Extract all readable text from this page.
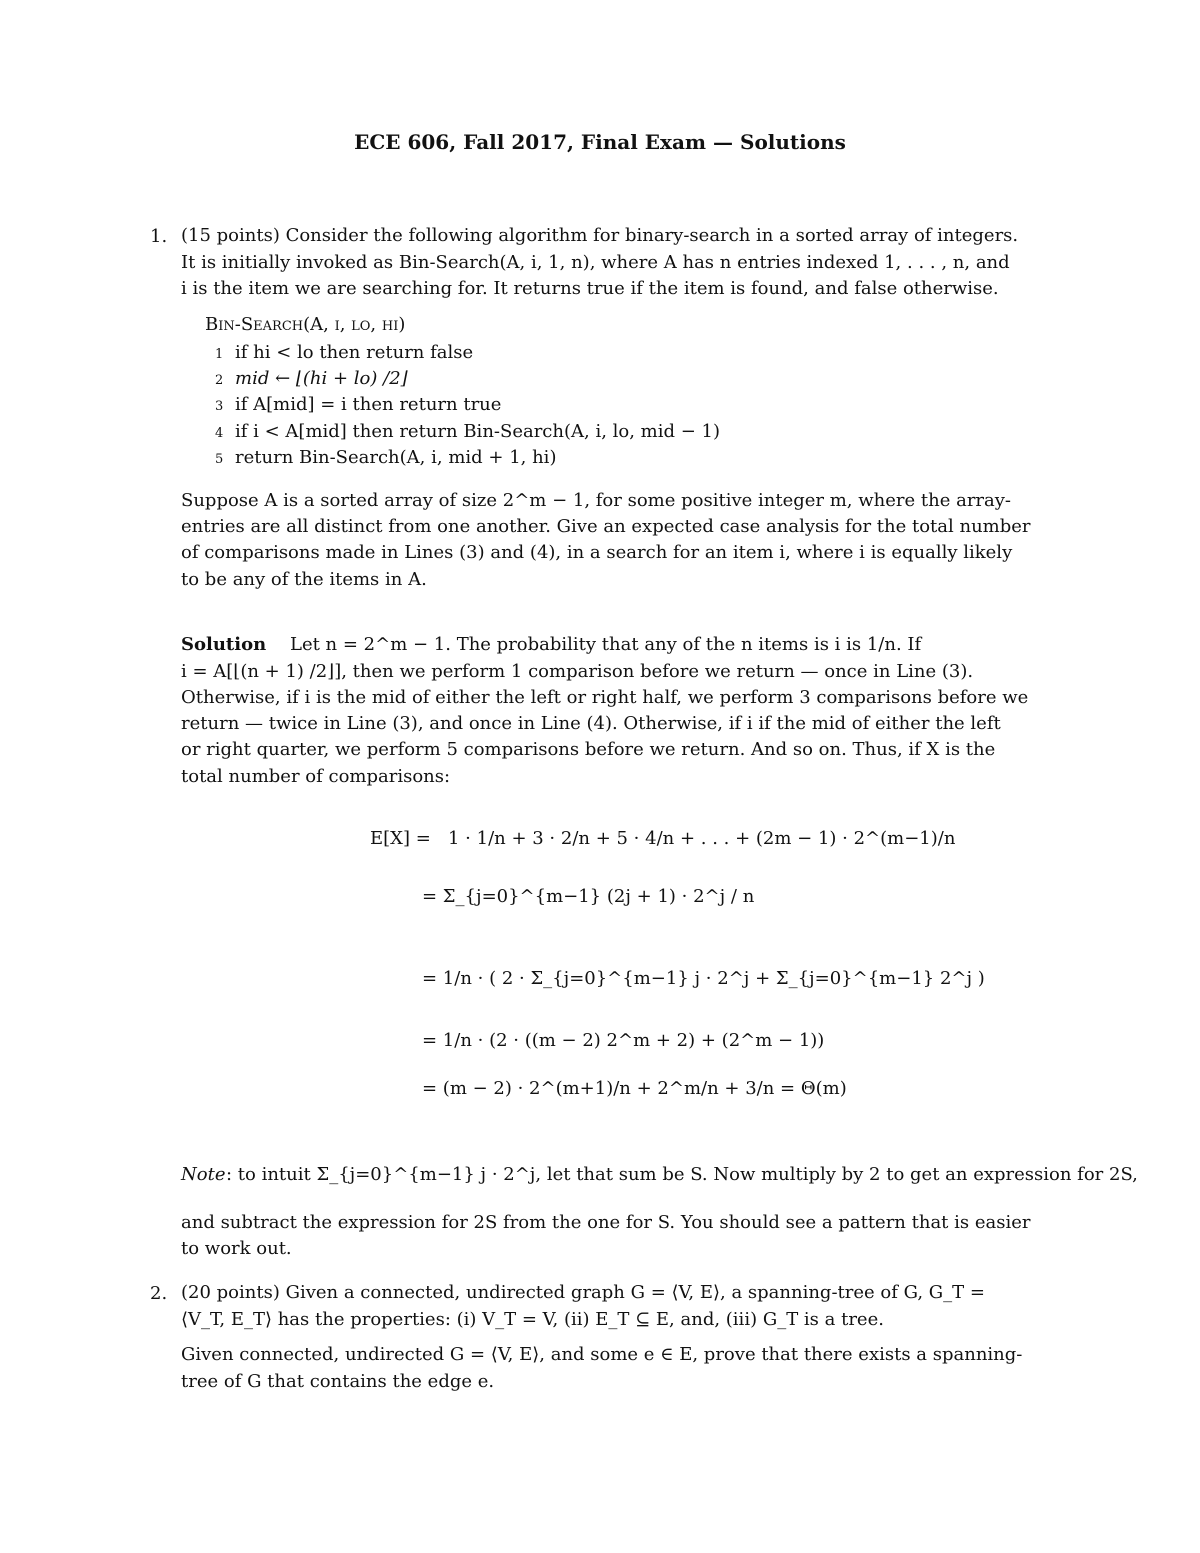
ECE 606, Fall 2017, Final Exam — Solutions
1. (15 points) Consider the following algorithm for binary-search in a sorted array of integers.
It is initially invoked as Bin-Search(A, i, 1, n), where A has n entries indexed 1, . . . , n, and
i is the item we are searching for. It returns true if the item is found, and false otherwise.
Bin-Search(A, i, lo, hi)
1 if hi < lo then return false
2 mid ← ⌊(hi + lo) /2⌋
3 if A[mid] = i then return true
4 if i < A[mid] then return Bin-Search(A, i, lo, mid − 1)
5 return Bin-Search(A, i, mid + 1, hi)
Suppose A is a sorted array of size 2^m − 1, for some positive integer m, where the array-
entries are all distinct from one another. Give an expected case analysis for the total number
of comparisons made in Lines (3) and (4), in a search for an item i, where i is equally likely
to be any of the items in A.
Solution Let n = 2^m − 1. The probability that any of the n items is i is 1/n. If
i = A[⌊(n + 1) /2⌋], then we perform 1 comparison before we return — once in Line (3).
Otherwise, if i is the mid of either the left or right half, we perform 3 comparisons before we
return — twice in Line (3), and once in Line (4). Otherwise, if i if the mid of either the left
or right quarter, we perform 5 comparisons before we return. And so on. Thus, if X is the
total number of comparisons:
E[X] = 1 · 1/n + 3 · 2/n + 5 · 4/n + . . . + (2m − 1) · 2^(m−1)/n
= Σ_{j=0}^{m−1} (2j + 1) · 2^j / n
= 1/n · ( 2 · Σ_{j=0}^{m−1} j · 2^j + Σ_{j=0}^{m−1} 2^j )
= 1/n · (2 · ((m − 2) 2^m + 2) + (2^m − 1))
= (m − 2) · 2^(m+1)/n + 2^m/n + 3/n = Θ(m)
Note : to intuit Σ_{j=0}^{m−1} j · 2^j, let that sum be S. Now multiply by 2 to get an expression for 2S,
and subtract the expression for 2S from the one for S. You should see a pattern that is easier
to work out.
2. (20 points) Given a connected, undirected graph G = ⟨V, E⟩, a spanning-tree of G, G_T =
⟨V_T, E_T⟩ has the properties: (i) V_T = V, (ii) E_T ⊆ E, and, (iii) G_T is a tree.
Given connected, undirected G = ⟨V, E⟩, and some e ∈ E, prove that there exists a spanning-
tree of G that contains the edge e.
